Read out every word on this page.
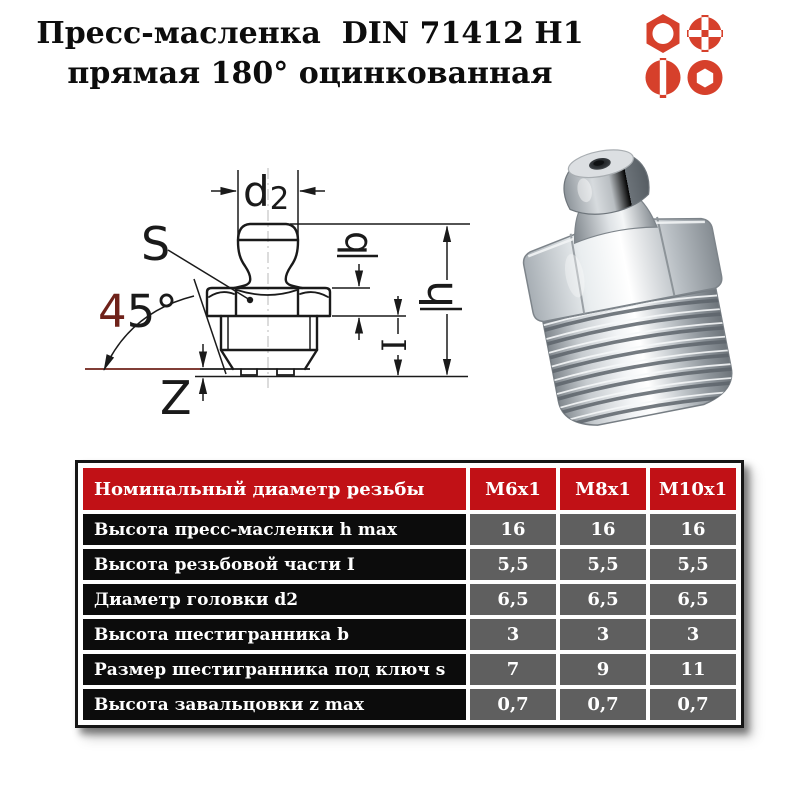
Пресс-масленка  DIN 71412 H1
прямая 180° оцинкованная
d2
S
45°
b
h
I
Z
Номинальный диаметр резьбы	М6х1	М8х1	М10х1
Высота пресс-масленки h max	16	16	16
Высота резьбовой части I	5,5	5,5	5,5
Диаметр головки d2	6,5	6,5	6,5
Высота шестигранника b	3	3	3
Размер шестигранника под ключ s	7	9	11
Высота завальцовки z max	0,7	0,7	0,7
